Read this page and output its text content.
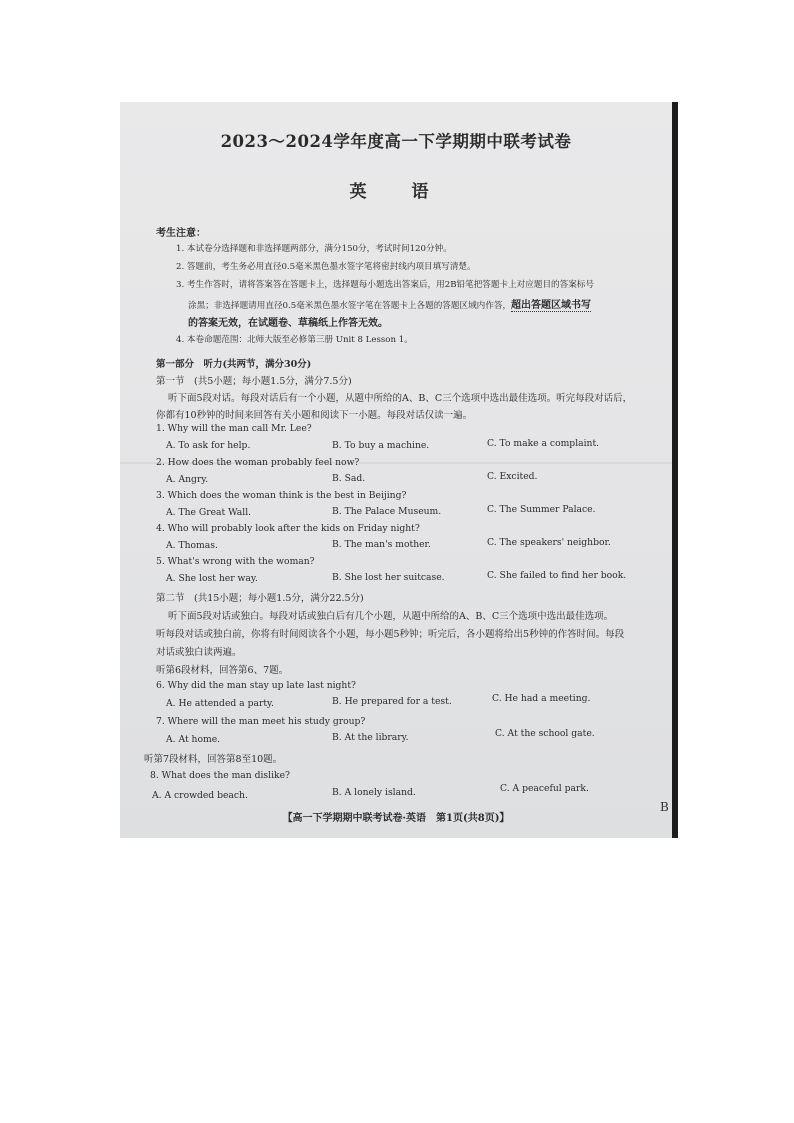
2023～2024学年度高一下学期期中联考试卷
英　语
考生注意：
1. 本试卷分选择题和非选择题两部分，满分150分，考试时间120分钟。
2. 答题前，考生务必用直径0.5毫米黑色墨水签字笔将密封线内项目填写清楚。
3. 考生作答时，请将答案答在答题卡上，选择题每小题选出答案后，用2B铅笔把答题卡上对应题目的答案标号
涂黑；非选择题请用直径0.5毫米黑色墨水签字笔在答题卡上各题的答题区域内作答，超出答题区域书写
的答案无效，在试题卷、草稿纸上作答无效。
4. 本卷命题范围：北师大版至必修第三册 Unit 8 Lesson 1。
第一部分　听力(共两节，满分30分)
第一节　(共5小题；每小题1.5分，满分7.5分)
听下面5段对话。每段对话后有一个小题，从题中所给的A、B、C三个选项中选出最佳选项。听完每段对话后，
你都有10秒钟的时间来回答有关小题和阅读下一小题。每段对话仅读一遍。
1. Why will the man call Mr. Lee?
A. To ask for help.	B. To buy a machine.	C. To make a complaint.
2. How does the woman probably feel now?
A. Angry.	B. Sad.	C. Excited.
3. Which does the woman think is the best in Beijing?
A. The Great Wall.	B. The Palace Museum.	C. The Summer Palace.
4. Who will probably look after the kids on Friday night?
A. Thomas.	B. The man's mother.	C. The speakers' neighbor.
5. What's wrong with the woman?
A. She lost her way.	B. She lost her suitcase.	C. She failed to find her book.
第二节　(共15小题；每小题1.5分，满分22.5分)
听下面5段对话或独白。每段对话或独白后有几个小题，从题中所给的A、B、C三个选项中选出最佳选项。
听每段对话或独白前，你将有时间阅读各个小题，每小题5秒钟；听完后，各小题将给出5秒钟的作答时间。每段
对话或独白读两遍。
听第6段材料，回答第6、7题。
6. Why did the man stay up late last night?
A. He attended a party.	B. He prepared for a test.	C. He had a meeting.
7. Where will the man meet his study group?
A. At home.	B. At the library.	C. At the school gate.
听第7段材料，回答第8至10题。
8. What does the man dislike?
A. A crowded beach.	B. A lonely island.	C. A peaceful park.
【高一下学期期中联考试卷·英语　第1页(共8页)】
B
